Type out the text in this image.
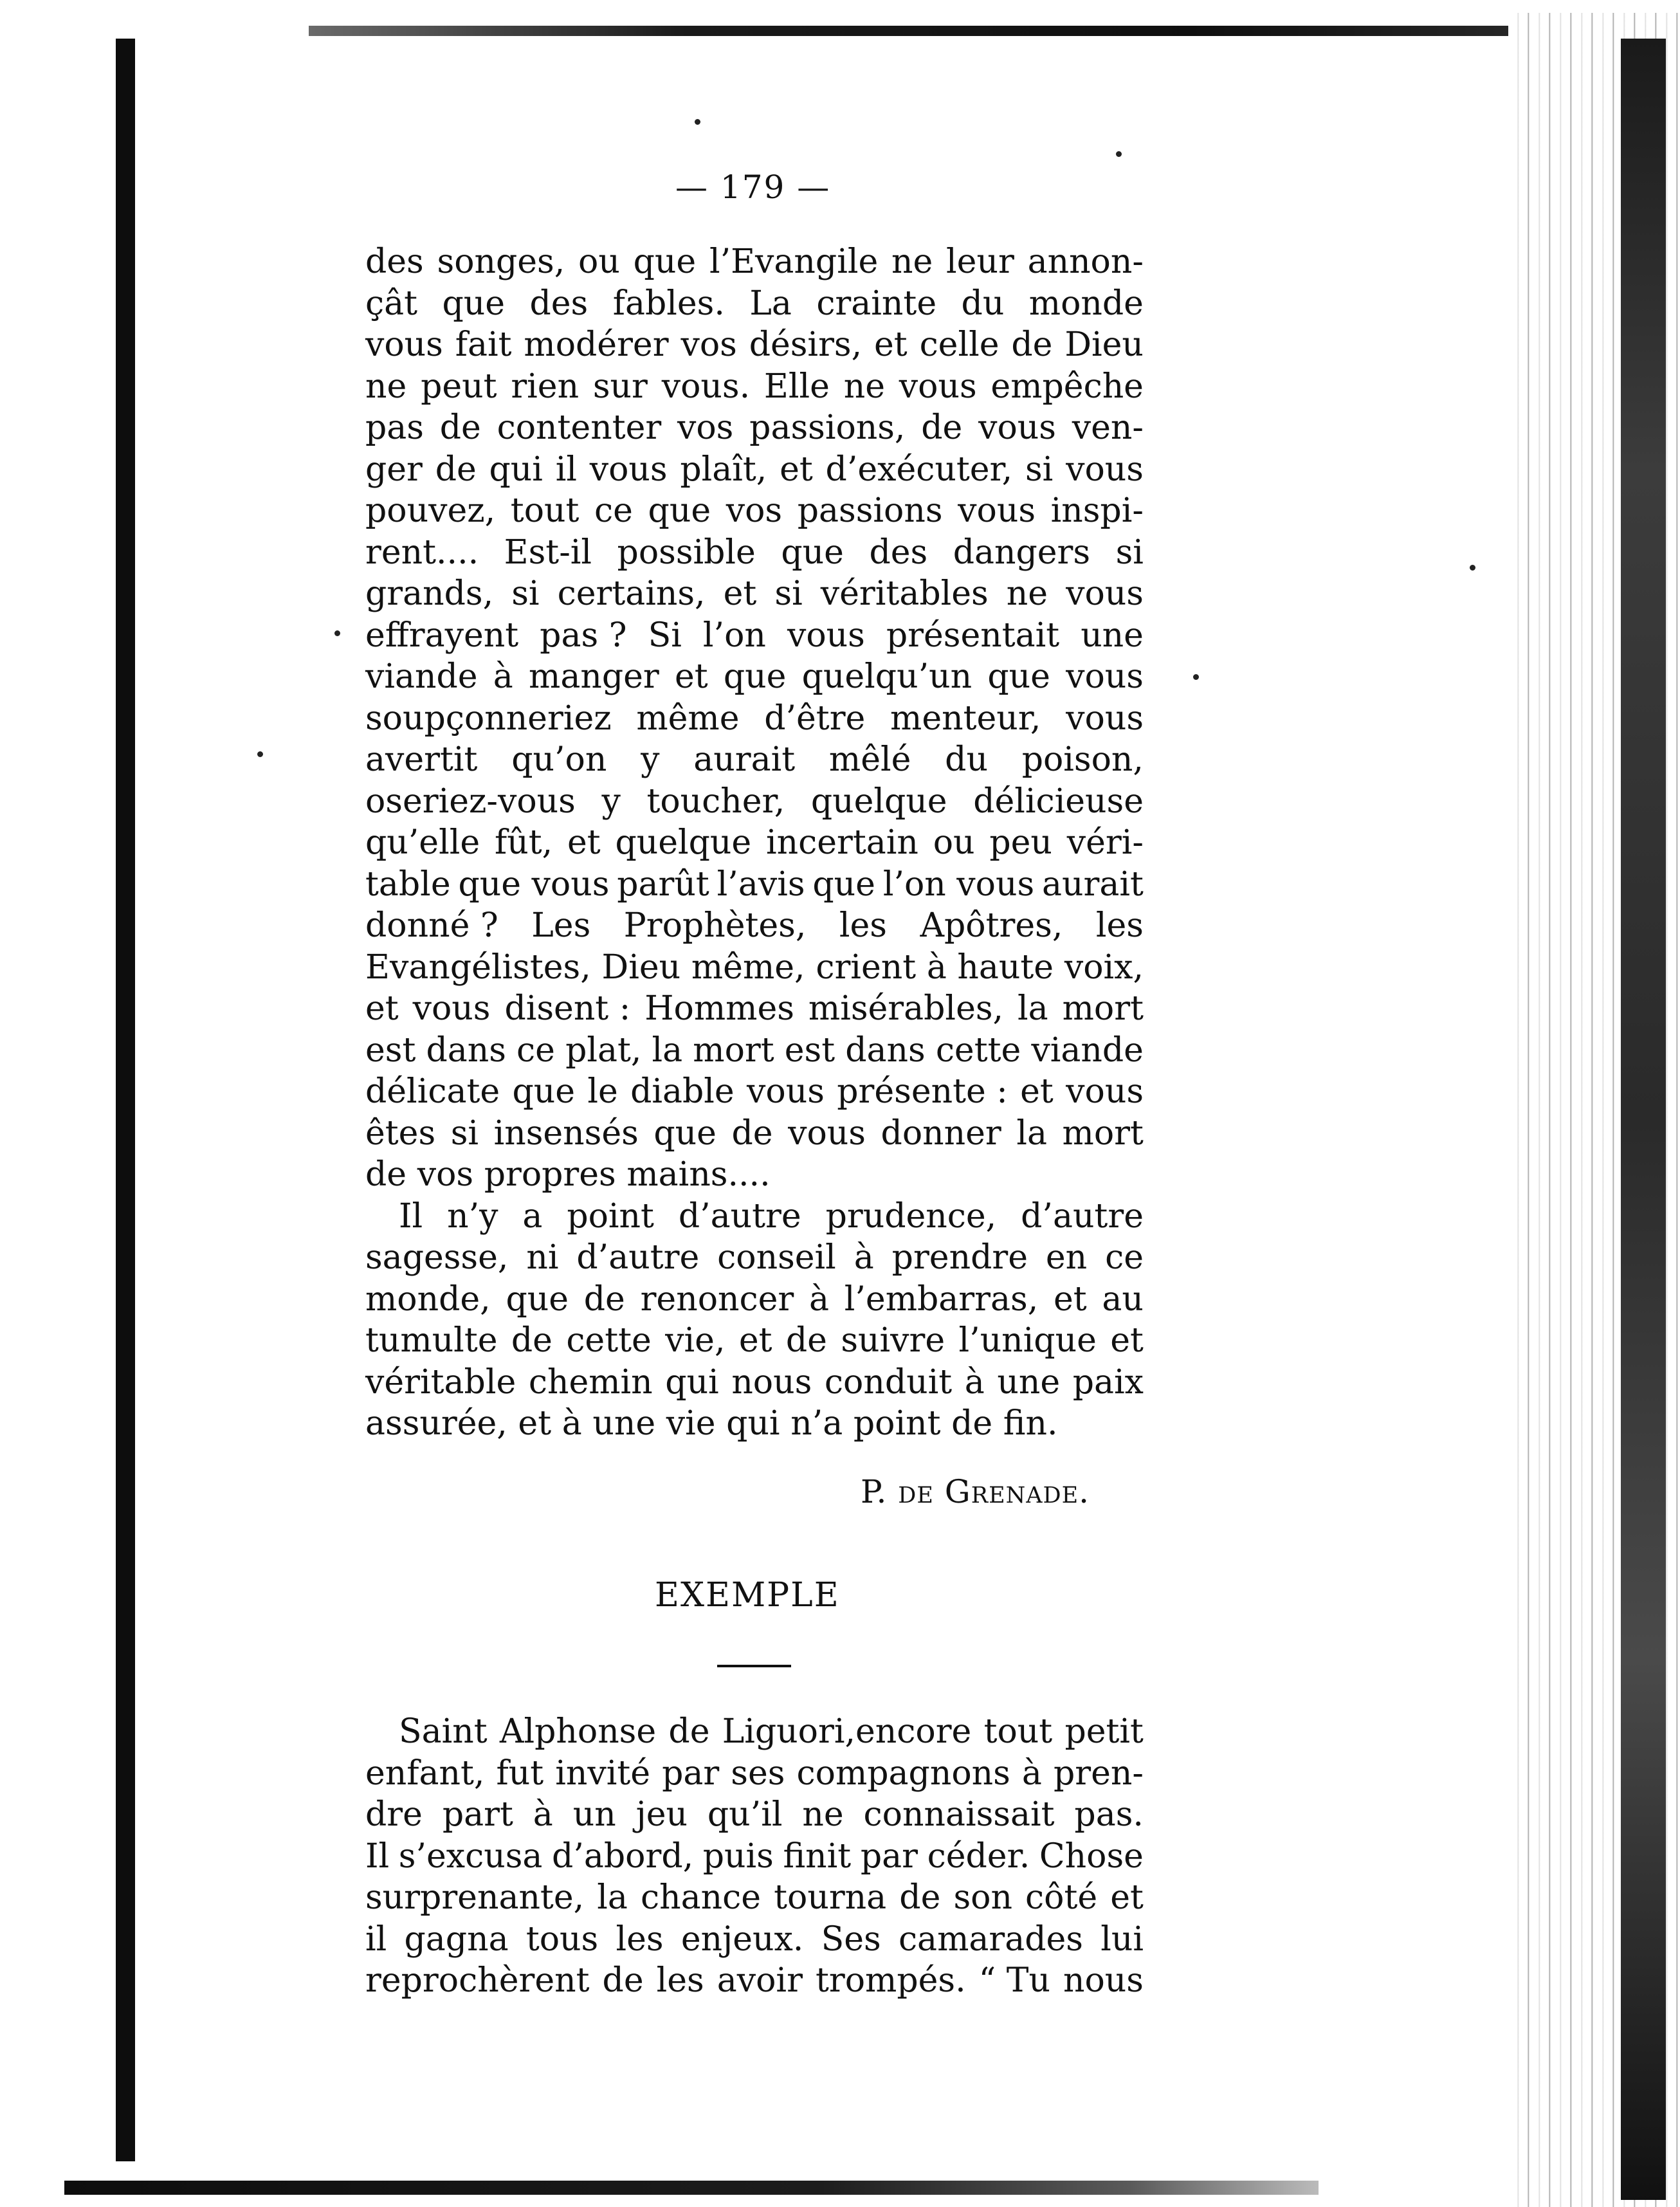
— 179 —
des songes, ou que l’Evangile ne leur annon-
çât que des fables. La crainte du monde
vous fait modérer vos désirs, et celle de Dieu
ne peut rien sur vous. Elle ne vous empêche
pas de contenter vos passions, de vous ven-
ger de qui il vous plaît, et d’exécuter, si vous
pouvez, tout ce que vos passions vous inspi-
rent.... Est-il possible que des dangers si
grands, si certains, et si véritables ne vous
effrayent pas ? Si l’on vous présentait une
viande à manger et que quelqu’un que vous
soupçonneriez même d’être menteur, vous
avertit qu’on y aurait mêlé du poison,
oseriez-vous y toucher, quelque délicieuse
qu’elle fût, et quelque incertain ou peu véri-
table que vous parût l’avis que l’on vous aurait
donné ? Les Prophètes, les Apôtres, les
Evangélistes, Dieu même, crient à haute voix,
et vous disent : Hommes misérables, la mort
est dans ce plat, la mort est dans cette viande
délicate que le diable vous présente : et vous
êtes si insensés que de vous donner la mort
de vos propres mains....
Il n’y a point d’autre prudence, d’autre
sagesse, ni d’autre conseil à prendre en ce
monde, que de renoncer à l’embarras, et au
tumulte de cette vie, et de suivre l’unique et
véritable chemin qui nous conduit à une paix
assurée, et à une vie qui n’a point de fin.
P. de Grenade.
EXEMPLE
Saint Alphonse de Liguori,encore tout petit
enfant, fut invité par ses compagnons à pren-
dre part à un jeu qu’il ne connaissait pas.
Il s’excusa d’abord, puis finit par céder. Chose
surprenante, la chance tourna de son côté et
il gagna tous les enjeux. Ses camarades lui
reprochèrent de les avoir trompés. “ Tu nous
